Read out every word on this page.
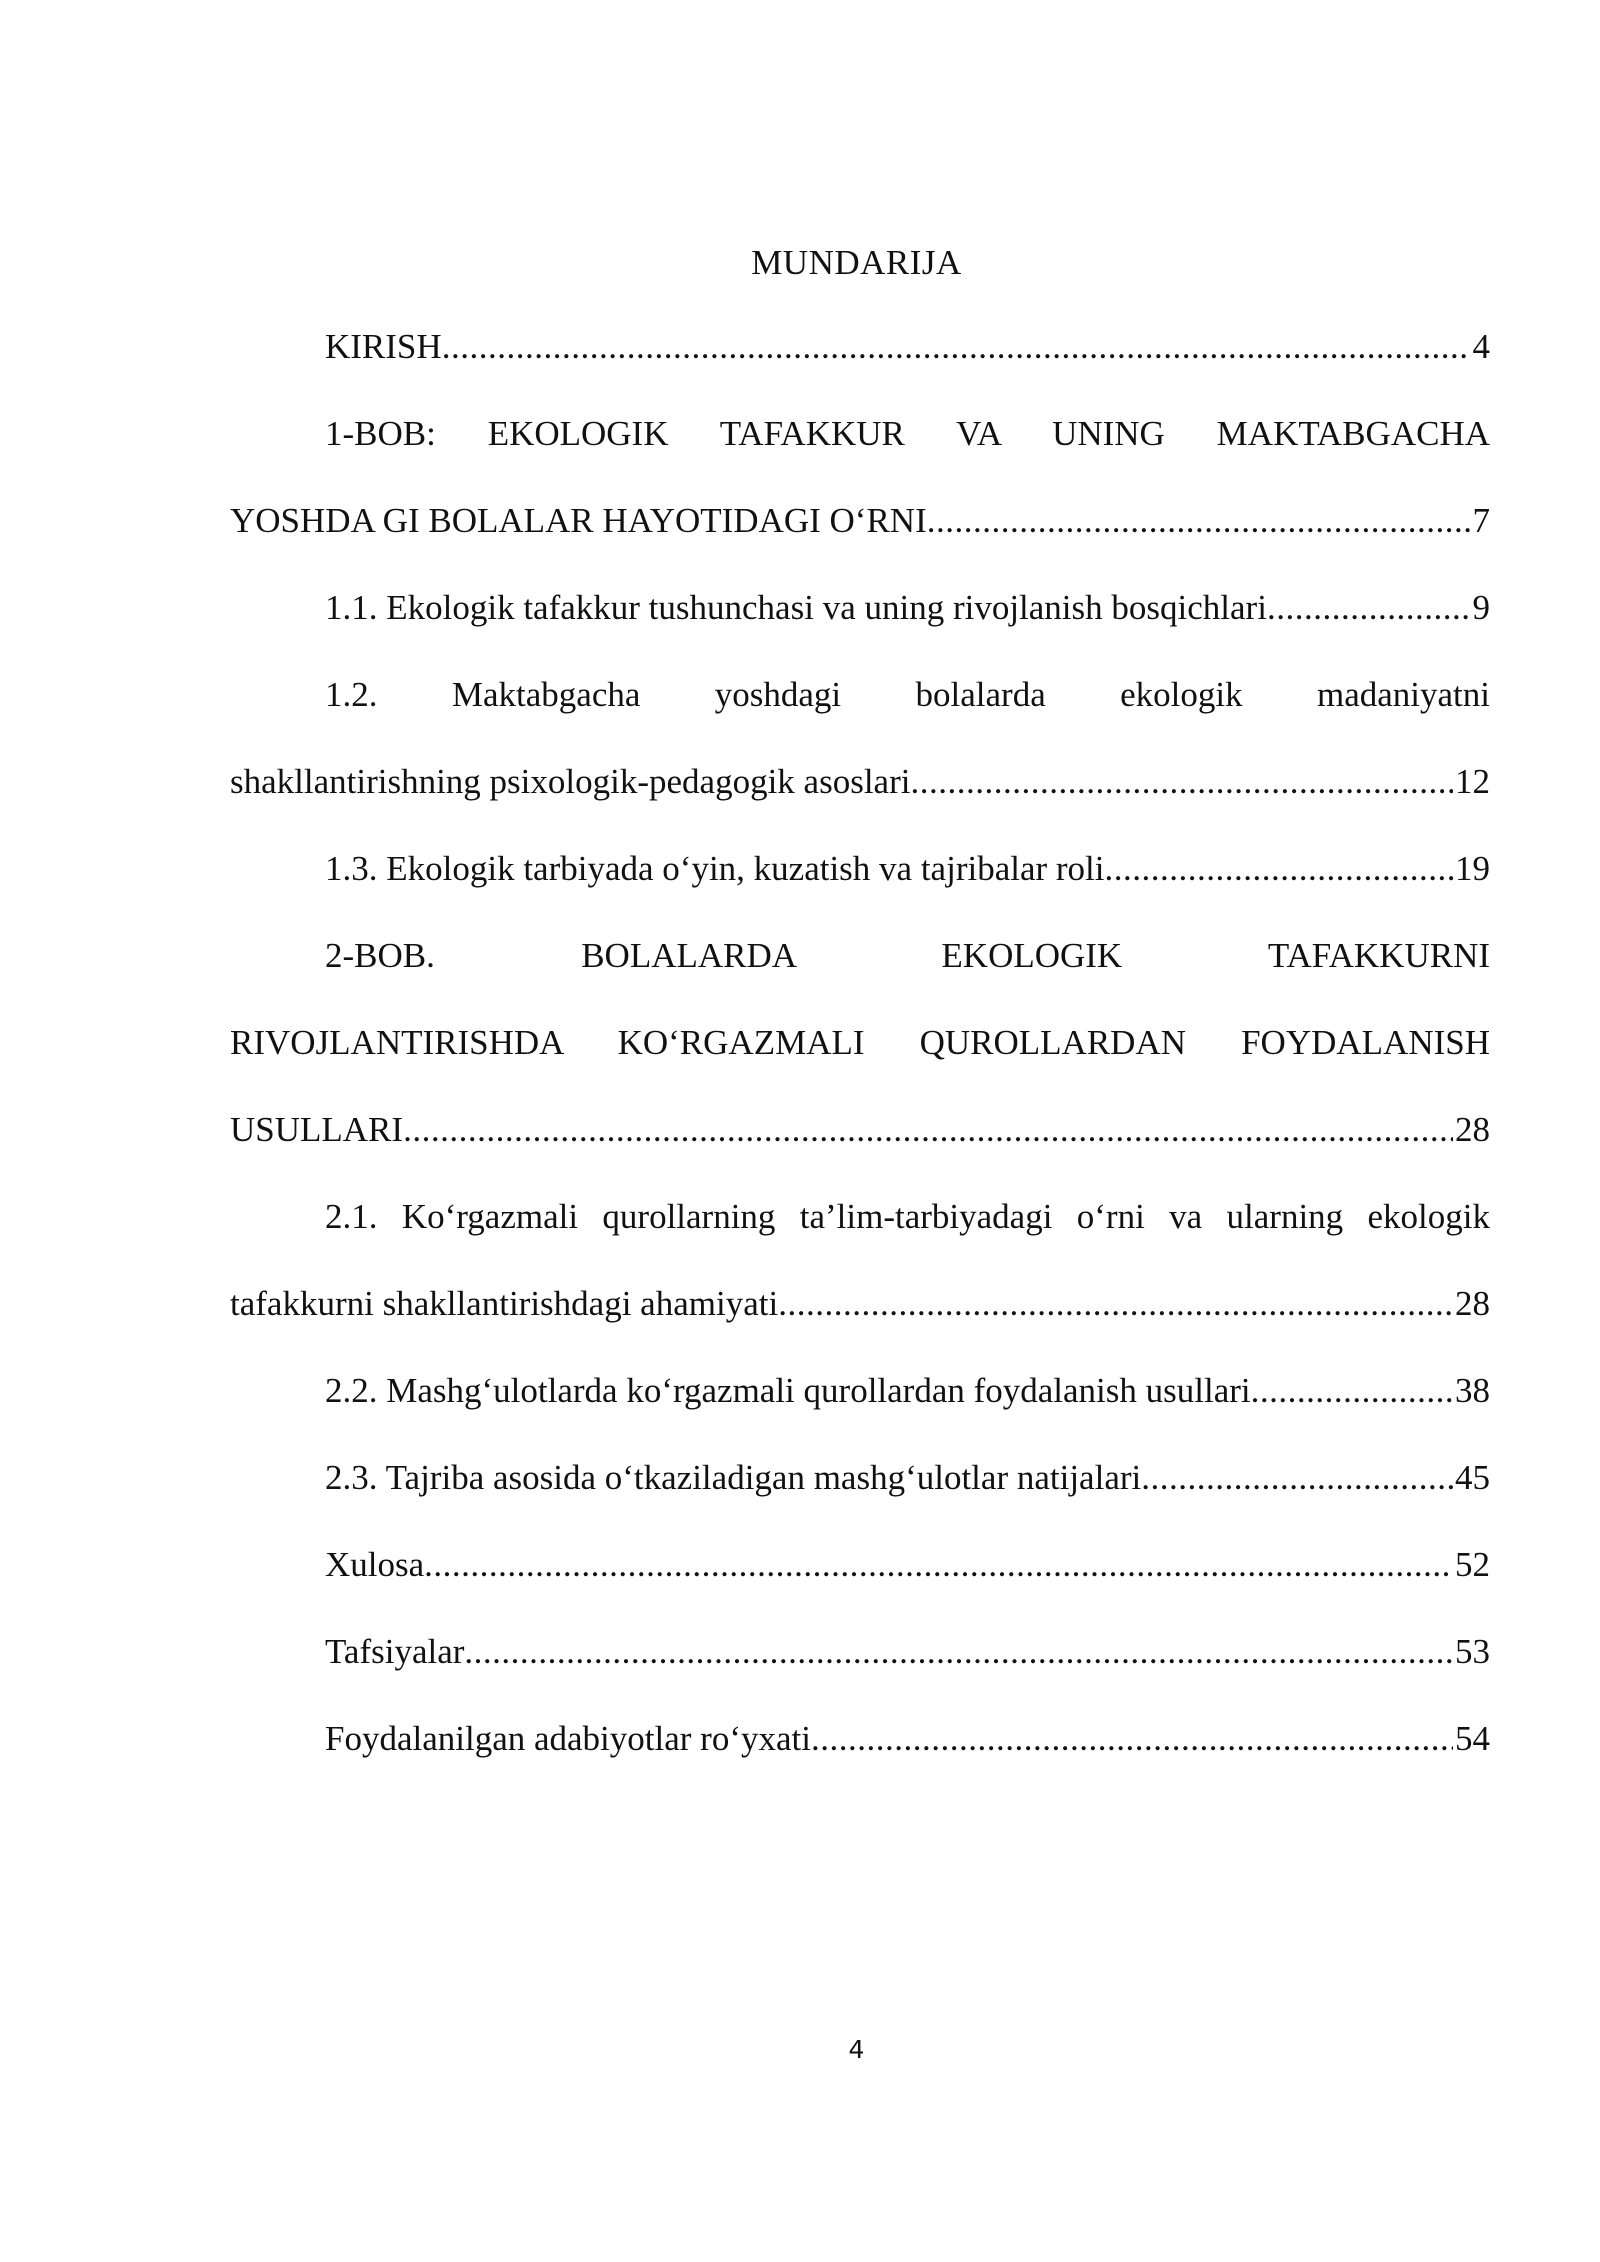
MUNDARIJA
KIRISH .....	4
1-BOB: EKOLOGIK TAFAKKUR VA UNING MAKTABGACHA
YOSHDA GI BOLALAR HAYOTIDAGI O‘RNI .....	7
1.1. Ekologik tafakkur tushunchasi va uning rivojlanish bosqichlari .....	9
1.2. Maktabgacha yoshdagi bolalarda ekologik madaniyatni
shakllantirishning psixologik-pedagogik asoslari .....	12
1.3. Ekologik tarbiyada o‘yin, kuzatish va tajribalar roli .....	19
2-BOB. BOLALARDA EKOLOGIK TAFAKKURNI
RIVOJLANTIRISHDA KO‘RGAZMALI QUROLLARDAN FOYDALANISH
USULLARI .....	28
2.1. Ko‘rgazmali qurollarning ta’lim-tarbiyadagi o‘rni va ularning ekologik
tafakkurni shakllantirishdagi ahamiyati .....	28
2.2. Mashg‘ulotlarda ko‘rgazmali qurollardan foydalanish usullari .....	38
2.3. Tajriba asosida o‘tkaziladigan mashg‘ulotlar natijalari .....	45
Xulosa .....	52
Tafsiyalar .....	53
Foydalanilgan adabiyotlar ro‘yxati .....	54
4
